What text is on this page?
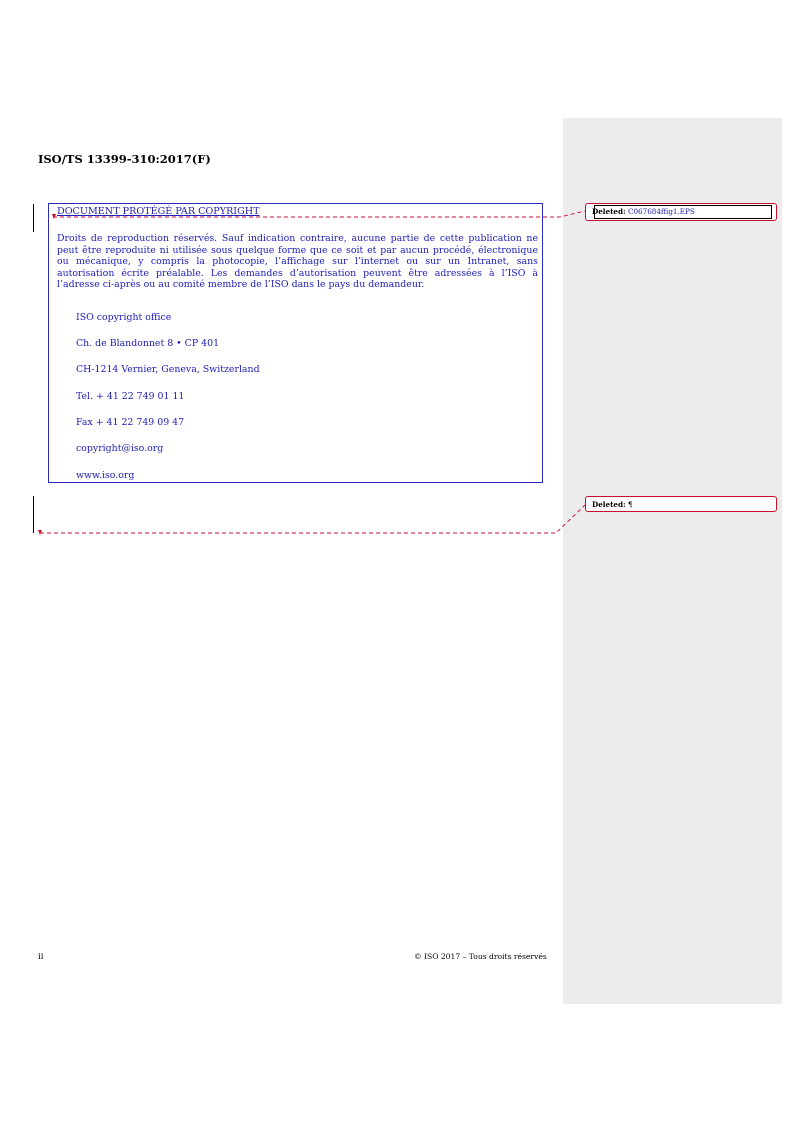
ISO/TS 13399-310:2017(F)
DOCUMENT PROTÉGÉ PAR COPYRIGHT

Droits de reproduction réservés. Sauf indication contraire, aucune partie de cette publication ne peut être reproduite ni utilisée sous quelque forme que ce soit et par aucun procédé, électronique ou mécanique, y compris la photocopie, l’affichage sur l’internet ou sur un Intranet, sans autorisation écrite préalable. Les demandes d’autorisation peuvent être adressées à l’ISO à l’adresse ci-après ou au comité membre de l’ISO dans le pays du demandeur.

ISO copyright office
Ch. de Blandonnet 8 • CP 401
CH-1214 Vernier, Geneva, Switzerland
Tel. + 41 22 749 01 11
Fax + 41 22 749 09 47
copyright@iso.org
www.iso.org
Deleted: C067684ffig1.EPS
Deleted: ¶
ii	© ISO 2017 – Tous droits réservés
